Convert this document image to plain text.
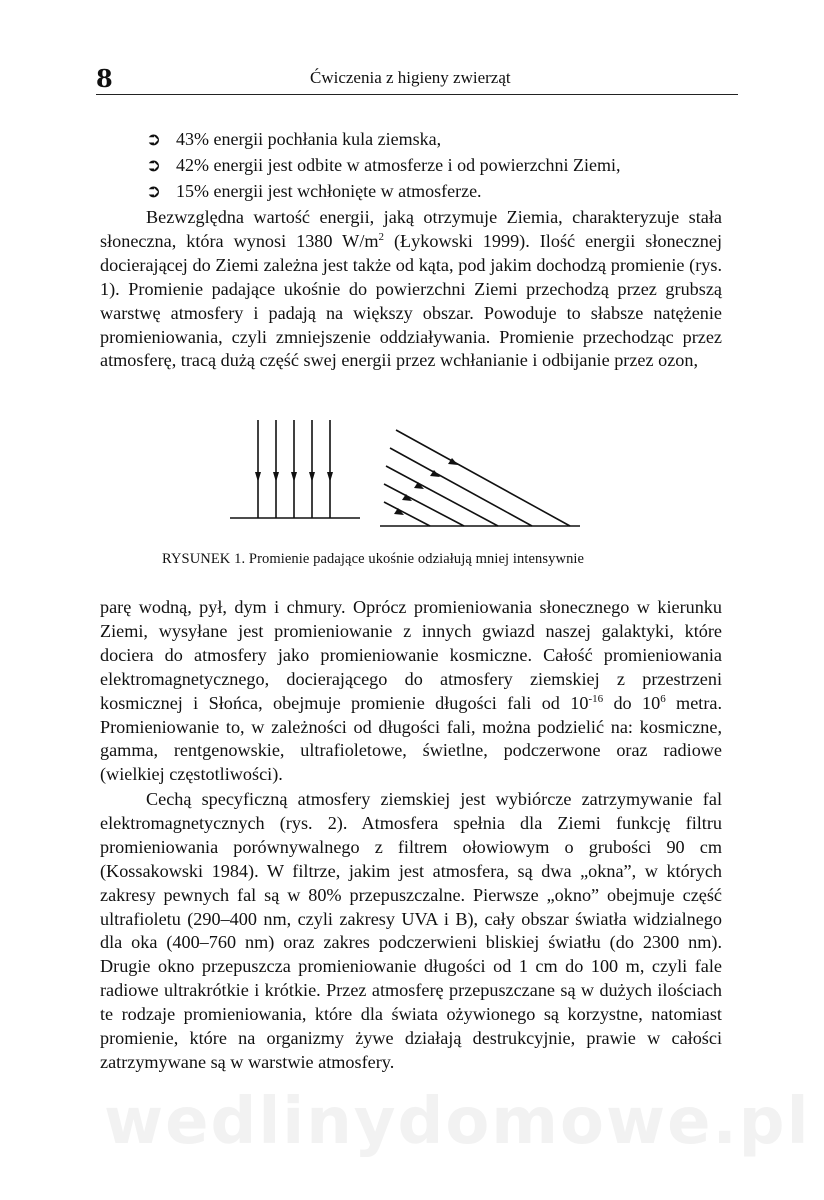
8	Ćwiczenia z higieny zwierząt
➲ 43% energii pochłania kula ziemska,
➲ 42% energii jest odbite w atmosferze i od powierzchni Ziemi,
➲ 15% energii jest wchłonięte w atmosferze.

Bezwzględna wartość energii, jaką otrzymuje Ziemia, charakteryzuje stała słoneczna, która wynosi 1380 $W/m^2$ (Łykowski 1999). Ilość energii słonecznej docierającej do Ziemi zależna jest także od kąta, pod jakim dochodzą promienie (rys. 1). Promienie padające ukośnie do powierzchni Ziemi przechodzą przez grubszą warstwę atmosfery i padają na większy obszar. Powoduje to słabsze natężenie promieniowania, czyli zmniejszenie oddziaływania. Promienie przechodząc przez atmosferę, tracą dużą część swej energii przez wchłanianie i odbijanie przez ozon,

RYSUNEK 1. Promienie padające ukośnie odziałują mniej intensywnie

parę wodną, pył, dym i chmury. Oprócz promieniowania słonecznego w kierunku Ziemi, wysyłane jest promieniowanie z innych gwiazd naszej galaktyki, które dociera do atmosfery jako promieniowanie kosmiczne. Całość promieniowania elektromagnetycznego, docierającego do atmosfery ziemskiej z przestrzeni kosmicznej i Słońca, obejmuje promienie długości fali od $10^{-16}$ do $10^6$ metra. Promieniowanie to, w zależności od długości fali, można podzielić na: kosmiczne, gamma, rentgenowskie, ultrafioletowe, świetlne, podczerwone oraz radiowe (wielkiej częstotliwości).

Cechą specyficzną atmosfery ziemskiej jest wybiórcze zatrzymywanie fal elektromagnetycznych (rys. 2). Atmosfera spełnia dla Ziemi funkcję filtru promieniowania porównywalnego z filtrem ołowiowym o grubości 90 cm (Kossakowski 1984). W filtrze, jakim jest atmosfera, są dwa „okna”, w których zakresy pewnych fal są w 80% przepuszczalne. Pierwsze „okno” obejmuje część ultrafioletu (290–400 nm, czyli zakresy UVA i B), cały obszar światła widzialnego dla oka (400–760 nm) oraz zakres podczerwieni bliskiej światłu (do 2300 nm). Drugie okno przepuszcza promieniowanie długości od 1 cm do 100 m, czyli fale radiowe ultrakrótkie i krótkie. Przez atmosferę przepuszczane są w dużych ilościach te rodzaje promieniowania, które dla świata ożywionego są korzystne, natomiast promienie, które na organizmy żywe działają destrukcyjnie, prawie w całości zatrzymywane są w warstwie atmosfery.

wedlinydomowe.pl
